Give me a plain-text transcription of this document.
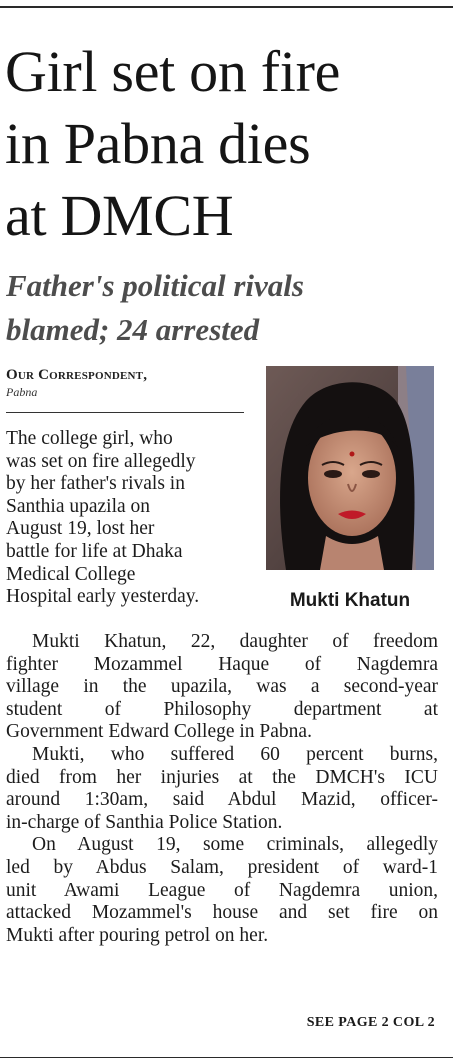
Girl set on fire
in Pabna dies
at DMCH
Father's political rivals
blamed; 24 arrested
Our Correspondent,
Pabna
Mukti Khatun
The college girl, who
was set on fire allegedly
by her father's rivals in
Santhia upazila on
August 19, lost her
battle for life at Dhaka
Medical College
Hospital early yesterday.
Mukti Khatun, 22, daughter of freedom
fighter Mozammel Haque of Nagdemra
village in the upazila, was a second-year
student of Philosophy department at
Government Edward College in Pabna.
Mukti, who suffered 60 percent burns,
died from her injuries at the DMCH's ICU
around 1:30am, said Abdul Mazid, officer-
in-charge of Santhia Police Station.
On August 19, some criminals, allegedly
led by Abdus Salam, president of ward-1
unit Awami League of Nagdemra union,
attacked Mozammel's house and set fire on
Mukti after pouring petrol on her.
SEE PAGE 2 COL 2
